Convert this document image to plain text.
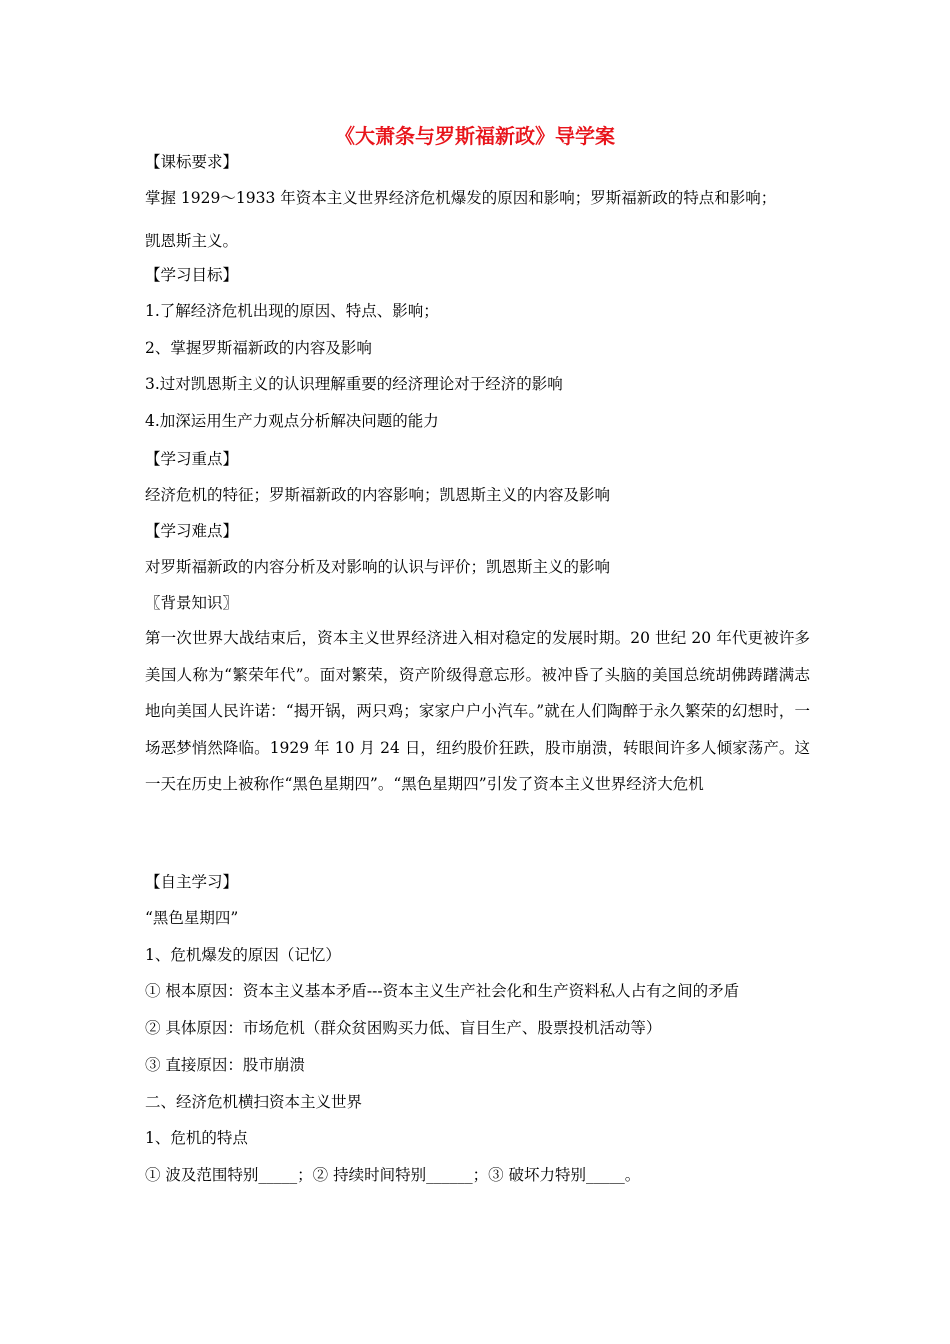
《大萧条与罗斯福新政》导学案
【课标要求】
掌握 1929～1933 年资本主义世界经济危机爆发的原因和影响；罗斯福新政的特点和影响；
凯恩斯主义。
【学习目标】
1.了解经济危机出现的原因、特点、影响；
2、掌握罗斯福新政的内容及影响
3.过对凯恩斯主义的认识理解重要的经济理论对于经济的影响
4.加深运用生产力观点分析解决问题的能力
【学习重点】
经济危机的特征；罗斯福新政的内容影响；凯恩斯主义的内容及影响
【学习难点】
对罗斯福新政的内容分析及对影响的认识与评价；凯恩斯主义的影响
〖背景知识〗
第一次世界大战结束后，资本主义世界经济进入相对稳定的发展时期。20 世纪 20 年代更被许多美国人称为“繁荣年代”。面对繁荣，资产阶级得意忘形。被冲昏了头脑的美国总统胡佛踌躇满志地向美国人民许诺：“揭开锅，两只鸡；家家户户小汽车。”就在人们陶醉于永久繁荣的幻想时，一场恶梦悄然降临。1929 年 10 月 24 日，纽约股价狂跌，股市崩溃，转眼间许多人倾家荡产。这一天在历史上被称作“黑色星期四”。“黑色星期四”引发了资本主义世界经济大危机
【自主学习】
“黑色星期四”
1、危机爆发的原因（记忆）
① 根本原因：资本主义基本矛盾---资本主义生产社会化和生产资料私人占有之间的矛盾
② 具体原因：市场危机（群众贫困购买力低、盲目生产、股票投机活动等）
③ 直接原因：股市崩溃
二、经济危机横扫资本主义世界
1、危机的特点
① 波及范围特别_____；② 持续时间特别______；③ 破坏力特别_____。
